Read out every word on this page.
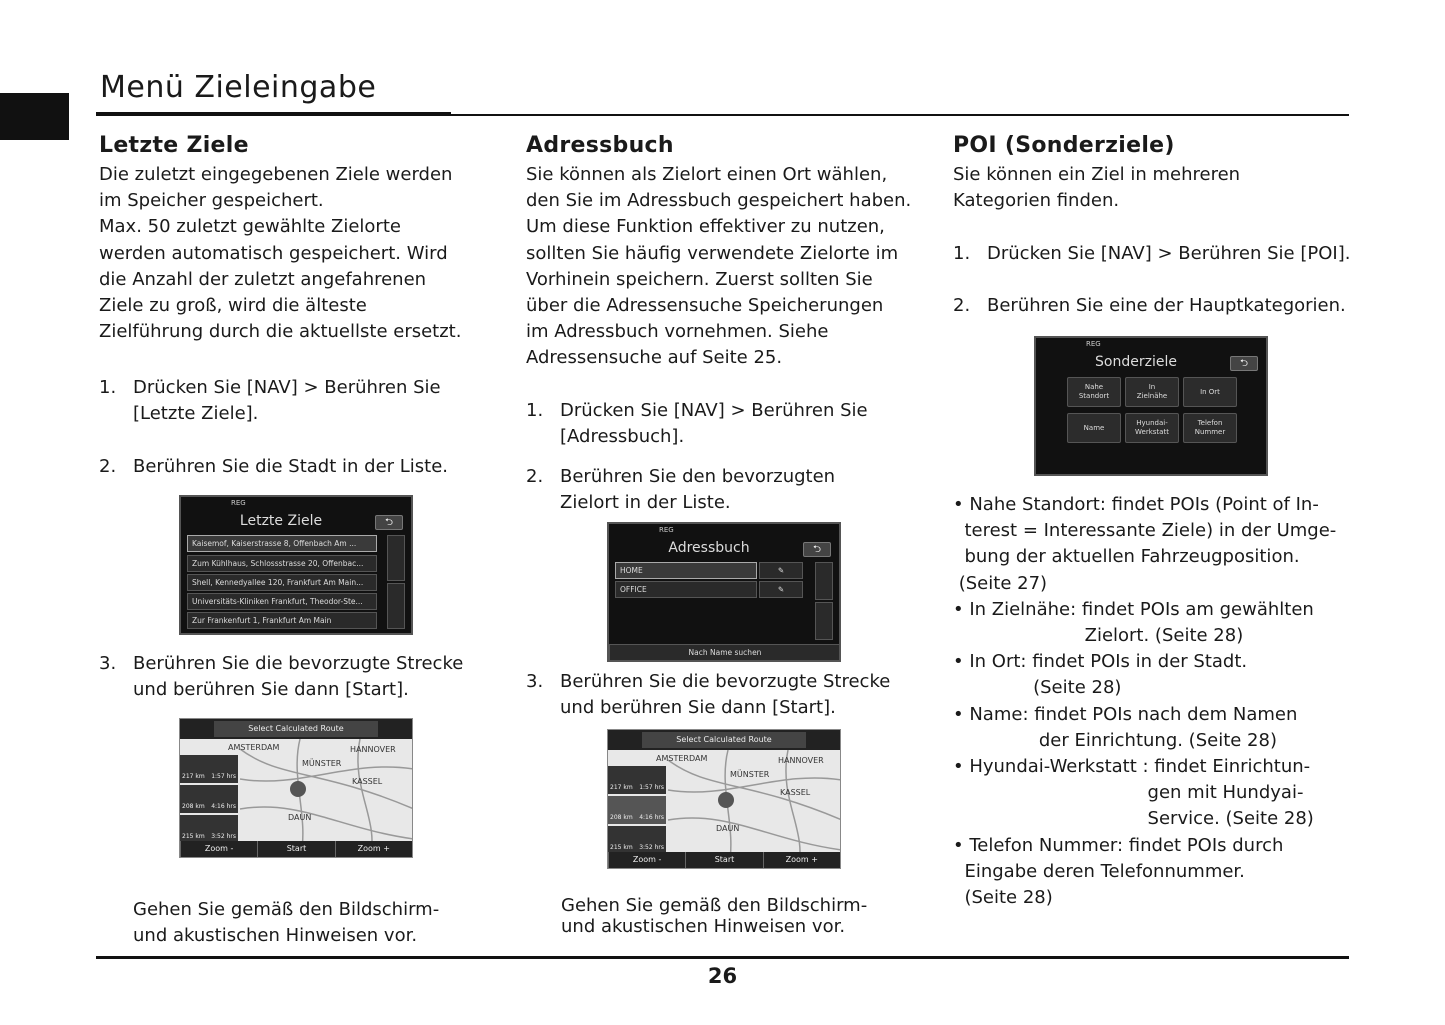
Menü Zieleingabe
Letzte Ziele
Die zuletzt eingegebenen Ziele werden
im Speicher gespeichert.
Max. 50 zuletzt gewählte Zielorte
werden automatisch gespeichert. Wird
die Anzahl der zuletzt angefahrenen
Ziele zu groß, wird die älteste
Zielführung durch die aktuellste ersetzt.
1. Drücken Sie [NAV] > Berühren Sie
[Letzte Ziele].
2. Berühren Sie die Stadt in der Liste.
REG
Letzte Ziele	⮌
Kaisemof, Kaiserstrasse 8, Offenbach Am ...
Zum Kühlhaus, Schlossstrasse 20, Offenbac...
Shell, Kennedyallee 120, Frankfurt Am Main...
Universitäts-Kliniken Frankfurt, Theodor-Ste...
Zur Frankenfurt 1, Frankfurt Am Main
3. Berühren Sie die bevorzugte Strecke
und berühren Sie dann [Start].
Select Calculated Route
AMSTERDAM	HANNOVER
MÜNSTER
KASSEL
DAUN
217 km 1:57 hrs
208 km 4:16 hrs
215 km 3:52 hrs
Zoom -	Start	Zoom +
Gehen Sie gemäß den Bildschirm-
und akustischen Hinweisen vor.
Adressbuch
Sie können als Zielort einen Ort wählen,
den Sie im Adressbuch gespeichert haben.
Um diese Funktion effektiver zu nutzen,
sollten Sie häufig verwendete Zielorte im
Vorhinein speichern. Zuerst sollten Sie
über die Adressensuche Speicherungen
im Adressbuch vornehmen. Siehe
Adressensuche auf Seite 25.
1. Drücken Sie [NAV] > Berühren Sie
[Adressbuch].
2. Berühren Sie den bevorzugten
Zielort in der Liste.
REG
Adressbuch	⮌
HOME
OFFICE
✎
✎
Nach Name suchen
3. Berühren Sie die bevorzugte Strecke
und berühren Sie dann [Start].
Select Calculated Route
AMSTERDAM	HANNOVER
MÜNSTER
KASSEL
DAUN
217 km 1:57 hrs
208 km 4:16 hrs
215 km 3:52 hrs
Zoom -	Start	Zoom +
Gehen Sie gemäß den Bildschirm-
und akustischen Hinweisen vor.
POI (Sonderziele)
Sie können ein Ziel in mehreren
Kategorien finden.
1. Drücken Sie [NAV] > Berühren Sie [POI].
2. Berühren Sie eine der Hauptkategorien.
REG
Sonderziele	⮌
Nahe
Standort
In
Zielnähe
In Ort
Name
Hyundai-
Werkstatt
Telefon
Nummer
• Nahe Standort: findet POIs (Point of In-
terest = Interessante Ziele) in der Umge-
bung der aktuellen Fahrzeugposition.
(Seite 27)
• In Zielnähe: findet POIs am gewählten
Zielort. (Seite 28)
• In Ort: findet POIs in der Stadt.
(Seite 28)
• Name: findet POIs nach dem Namen
der Einrichtung. (Seite 28)
• Hyundai-Werkstatt : findet Einrichtun-
gen mit Hundyai-
Service. (Seite 28)
• Telefon Nummer: findet POIs durch
Eingabe deren Telefonnummer.
(Seite 28)
26
